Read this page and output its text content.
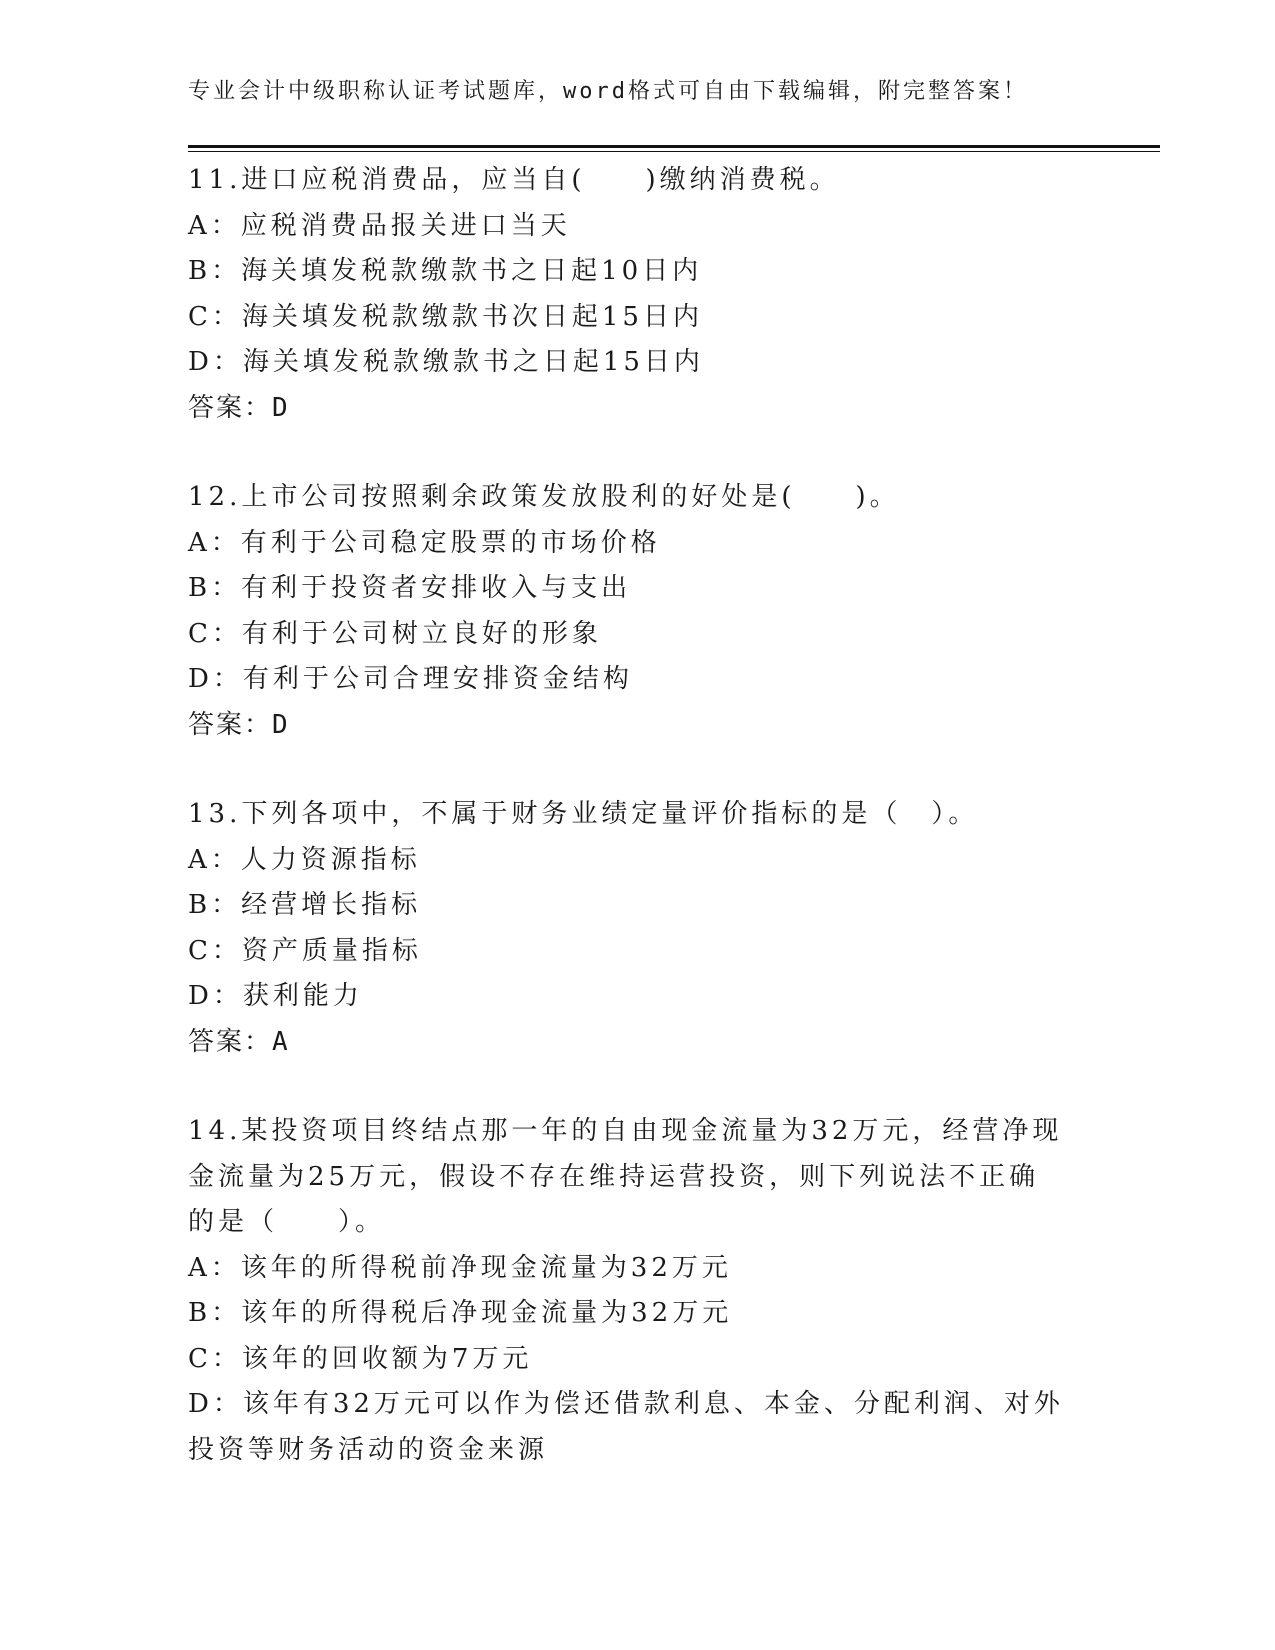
专业会计中级职称认证考试题库，word格式可自由下载编辑，附完整答案！
11.进口应税消费品，应当自(　　)缴纳消费税。
A：应税消费品报关进口当天
B：海关填发税款缴款书之日起10日内
C：海关填发税款缴款书次日起15日内
D：海关填发税款缴款书之日起15日内
答案：D
12.上市公司按照剩余政策发放股利的好处是(　　)。
A：有利于公司稳定股票的市场价格
B：有利于投资者安排收入与支出
C：有利于公司树立良好的形象
D：有利于公司合理安排资金结构
答案：D
13.下列各项中，不属于财务业绩定量评价指标的是（　）。
A：人力资源指标
B：经营增长指标
C：资产质量指标
D：获利能力
答案：A
14.某投资项目终结点那一年的自由现金流量为32万元，经营净现金流量为25万元，假设不存在维持运营投资，则下列说法不正确的是（　　）。
A：该年的所得税前净现金流量为32万元
B：该年的所得税后净现金流量为32万元
C：该年的回收额为7万元
D：该年有32万元可以作为偿还借款利息、本金、分配利润、对外投资等财务活动的资金来源
